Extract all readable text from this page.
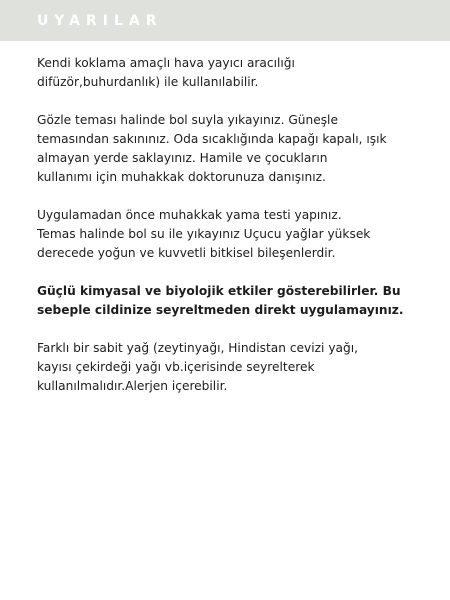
UYARILAR
Kendi koklama amaçlı hava yayıcı aracılığı
difüzör,buhurdanlık) ile kullanılabilir.
Gözle teması halinde bol suyla yıkayınız. Güneşle
temasından sakınınız. Oda sıcaklığında kapağı kapalı, ışık
almayan yerde saklayınız. Hamile ve çocukların
kullanımı için muhakkak doktorunuza danışınız.
Uygulamadan önce muhakkak yama testi yapınız.
Temas halinde bol su ile yıkayınız Uçucu yağlar yüksek
derecede yoğun ve kuvvetli bitkisel bileşenlerdir.
Güçlü kimyasal ve biyolojik etkiler gösterebilirler. Bu
sebeple cildinize seyreltmeden direkt uygulamayınız.
Farklı bir sabit yağ (zeytinyağı, Hindistan cevizi yağı,
kayısı çekirdeği yağı vb.içerisinde seyrelterek
kullanılmalıdır.Alerjen içerebilir.
